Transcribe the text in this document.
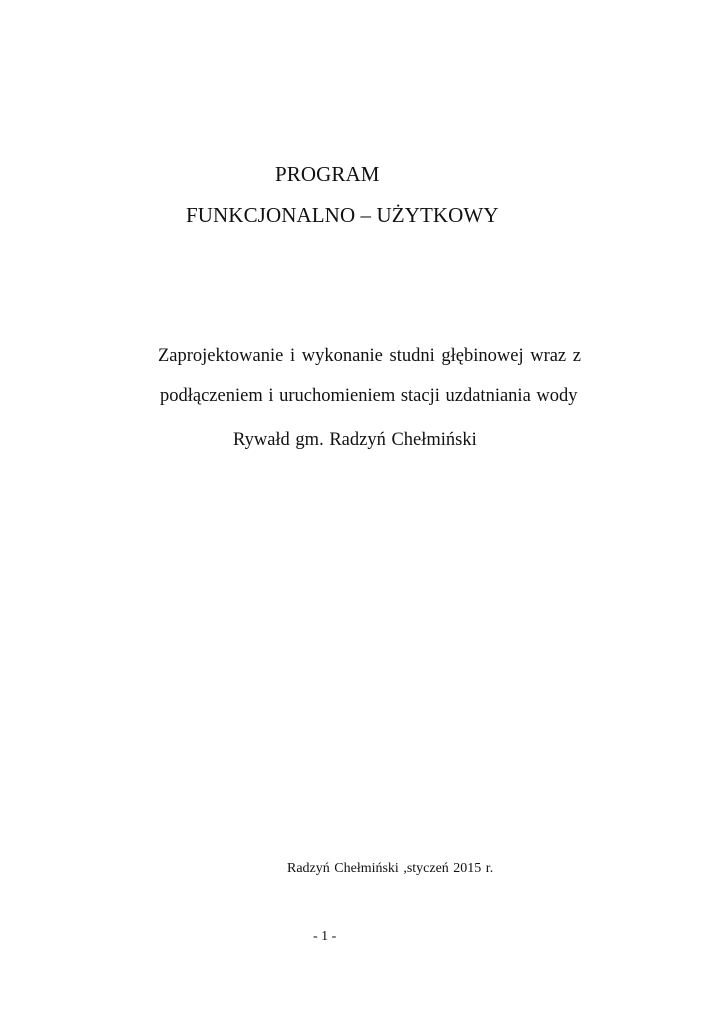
PROGRAM

FUNKCJONALNO – UŻYTKOWY

Zaprojektowanie i wykonanie studni głębinowej wraz z

podłączeniem i uruchomieniem stacji uzdatniania wody

Rywałd gm. Radzyń Chełmiński

Radzyń Chełmiński ,styczeń 2015 r.

- 1 -
